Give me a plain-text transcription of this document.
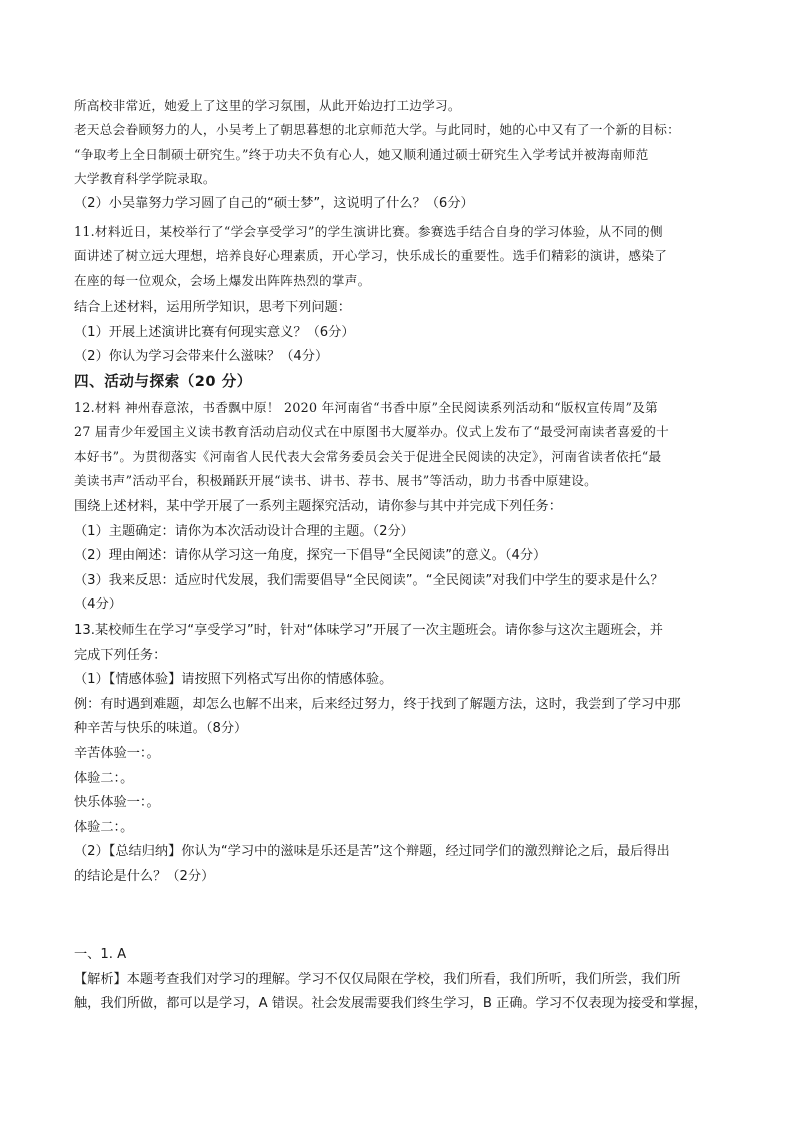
所高校非常近，她爱上了这里的学习氛围，从此开始边打工边学习。
老天总会眷顾努力的人，小吴考上了朝思暮想的北京师范大学。与此同时，她的心中又有了一个新的目标：
“争取考上全日制硕士研究生。”终于功夫不负有心人，她又顺利通过硕士研究生入学考试并被海南师范
大学教育科学学院录取。
（2）小吴靠努力学习圆了自己的“硕士梦”，这说明了什么？（6分）
11.材料近日，某校举行了“学会享受学习”的学生演讲比赛。参赛选手结合自身的学习体验，从不同的侧
面讲述了树立远大理想，培养良好心理素质，开心学习，快乐成长的重要性。选手们精彩的演讲，感染了
在座的每一位观众，会场上爆发出阵阵热烈的掌声。
结合上述材料，运用所学知识，思考下列问题：
（1）开展上述演讲比赛有何现实意义？（6分）
（2）你认为学习会带来什么滋味？（4分）
四、活动与探索（20 分）
12.材料 神州春意浓，书香飘中原！ 2020 年河南省“书香中原”全民阅读系列活动和“版权宣传周”及第
27 届青少年爱国主义读书教育活动启动仪式在中原图书大厦举办。仪式上发布了“最受河南读者喜爱的十
本好书”。为贯彻落实《河南省人民代表大会常务委员会关于促进全民阅读的决定》，河南省读者依托“最
美读书声”活动平台，积极踊跃开展“读书、讲书、荐书、展书”等活动，助力书香中原建设。
围绕上述材料，某中学开展了一系列主题探究活动，请你参与其中并完成下列任务：
（1）主题确定：请你为本次活动设计合理的主题。（2分）
（2）理由阐述：请你从学习这一角度，探究一下倡导“全民阅读”的意义。（4分）
（3）我来反思：适应时代发展，我们需要倡导“全民阅读”。“全民阅读”对我们中学生的要求是什么？
（4分）
13.某校师生在学习“享受学习”时，针对“体味学习”开展了一次主题班会。请你参与这次主题班会，并
完成下列任务：
（1）【情感体验】请按照下列格式写出你的情感体验。
例：有时遇到难题，却怎么也解不出来，后来经过努力，终于找到了解题方法，这时，我尝到了学习中那
种辛苦与快乐的味道。（8分）
辛苦体验一：。
体验二：。
快乐体验一：。
体验二：。
（2）【总结归纳】你认为“学习中的滋味是乐还是苦”这个辩题，经过同学们的激烈辩论之后，最后得出
的结论是什么？（2分）
一、1. A
【解析】本题考查我们对学习的理解。学习不仅仅局限在学校，我们所看，我们所听，我们所尝，我们所
触，我们所做，都可以是学习，A 错误。社会发展需要我们终生学习，B 正确。学习不仅表现为接受和掌握，
